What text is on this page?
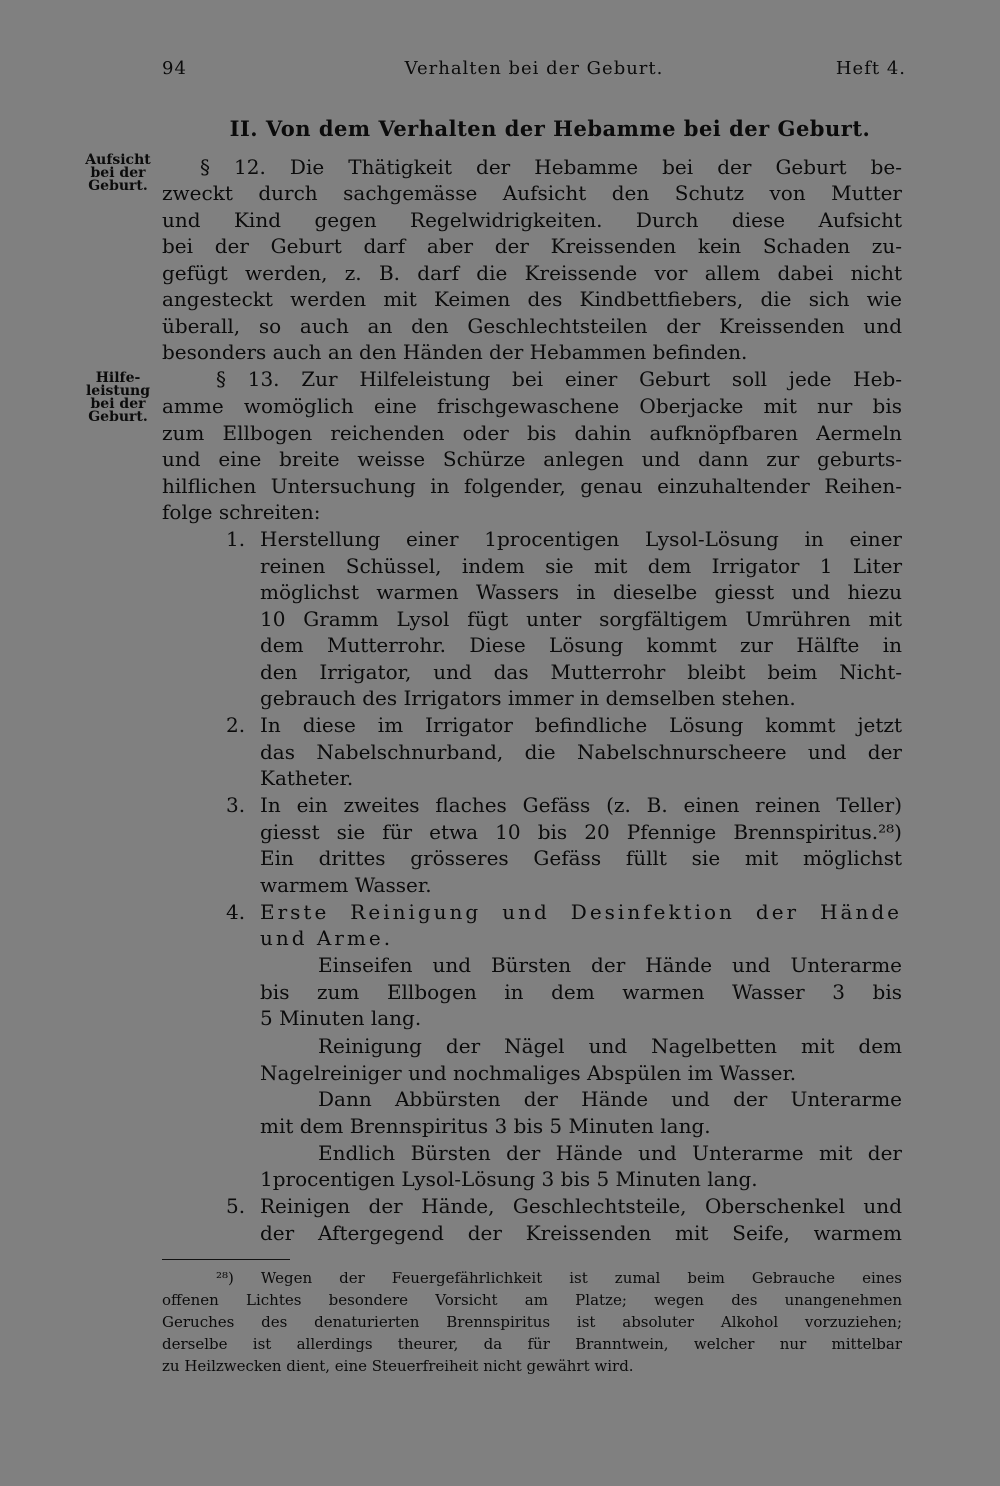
94	Verhalten bei der Geburt.	Heft 4.
II. Von dem Verhalten der Hebamme bei der Geburt.
Aufsicht
bei der
Geburt.
Hilfe-
leistung
bei der
Geburt.
§ 12. Die Thätigkeit der Hebamme bei der Geburt be-
zweckt durch sachgemässe Aufsicht den Schutz von Mutter
und Kind gegen Regelwidrigkeiten. Durch diese Aufsicht
bei der Geburt darf aber der Kreissenden kein Schaden zu-
gefügt werden, z. B. darf die Kreissende vor allem dabei nicht
angesteckt werden mit Keimen des Kindbettfiebers, die sich wie
überall, so auch an den Geschlechtsteilen der Kreissenden und
besonders auch an den Händen der Hebammen befinden.
§ 13. Zur Hilfeleistung bei einer Geburt soll jede Heb-
amme womöglich eine frischgewaschene Oberjacke mit nur bis
zum Ellbogen reichenden oder bis dahin aufknöpfbaren Aermeln
und eine breite weisse Schürze anlegen und dann zur geburts-
hilflichen Untersuchung in folgender, genau einzuhaltender Reihen-
folge schreiten:
1. Herstellung einer 1procentigen Lysol-Lösung in einer
reinen Schüssel, indem sie mit dem Irrigator 1 Liter
möglichst warmen Wassers in dieselbe giesst und hiezu
10 Gramm Lysol fügt unter sorgfältigem Umrühren mit
dem Mutterrohr. Diese Lösung kommt zur Hälfte in
den Irrigator, und das Mutterrohr bleibt beim Nicht-
gebrauch des Irrigators immer in demselben stehen.
2. In diese im Irrigator befindliche Lösung kommt jetzt
das Nabelschnurband, die Nabelschnurscheere und der
Katheter.
3. In ein zweites flaches Gefäss (z. B. einen reinen Teller)
giesst sie für etwa 10 bis 20 Pfennige Brennspiritus.²⁸)
Ein drittes grösseres Gefäss füllt sie mit möglichst
warmem Wasser.
4. Erste Reinigung und Desinfektion der Hände
und Arme.
Einseifen und Bürsten der Hände und Unterarme
bis zum Ellbogen in dem warmen Wasser 3 bis
5 Minuten lang.
Reinigung der Nägel und Nagelbetten mit dem
Nagelreiniger und nochmaliges Abspülen im Wasser.
Dann Abbürsten der Hände und der Unterarme
mit dem Brennspiritus 3 bis 5 Minuten lang.
Endlich Bürsten der Hände und Unterarme mit der
1procentigen Lysol-Lösung 3 bis 5 Minuten lang.
5. Reinigen der Hände, Geschlechtsteile, Oberschenkel und
der Aftergegend der Kreissenden mit Seife, warmem
²⁸) Wegen der Feuergefährlichkeit ist zumal beim Gebrauche eines
offenen Lichtes besondere Vorsicht am Platze; wegen des unangenehmen
Geruches des denaturierten Brennspiritus ist absoluter Alkohol vorzuziehen;
derselbe ist allerdings theurer, da für Branntwein, welcher nur mittelbar
zu Heilzwecken dient, eine Steuerfreiheit nicht gewährt wird.
